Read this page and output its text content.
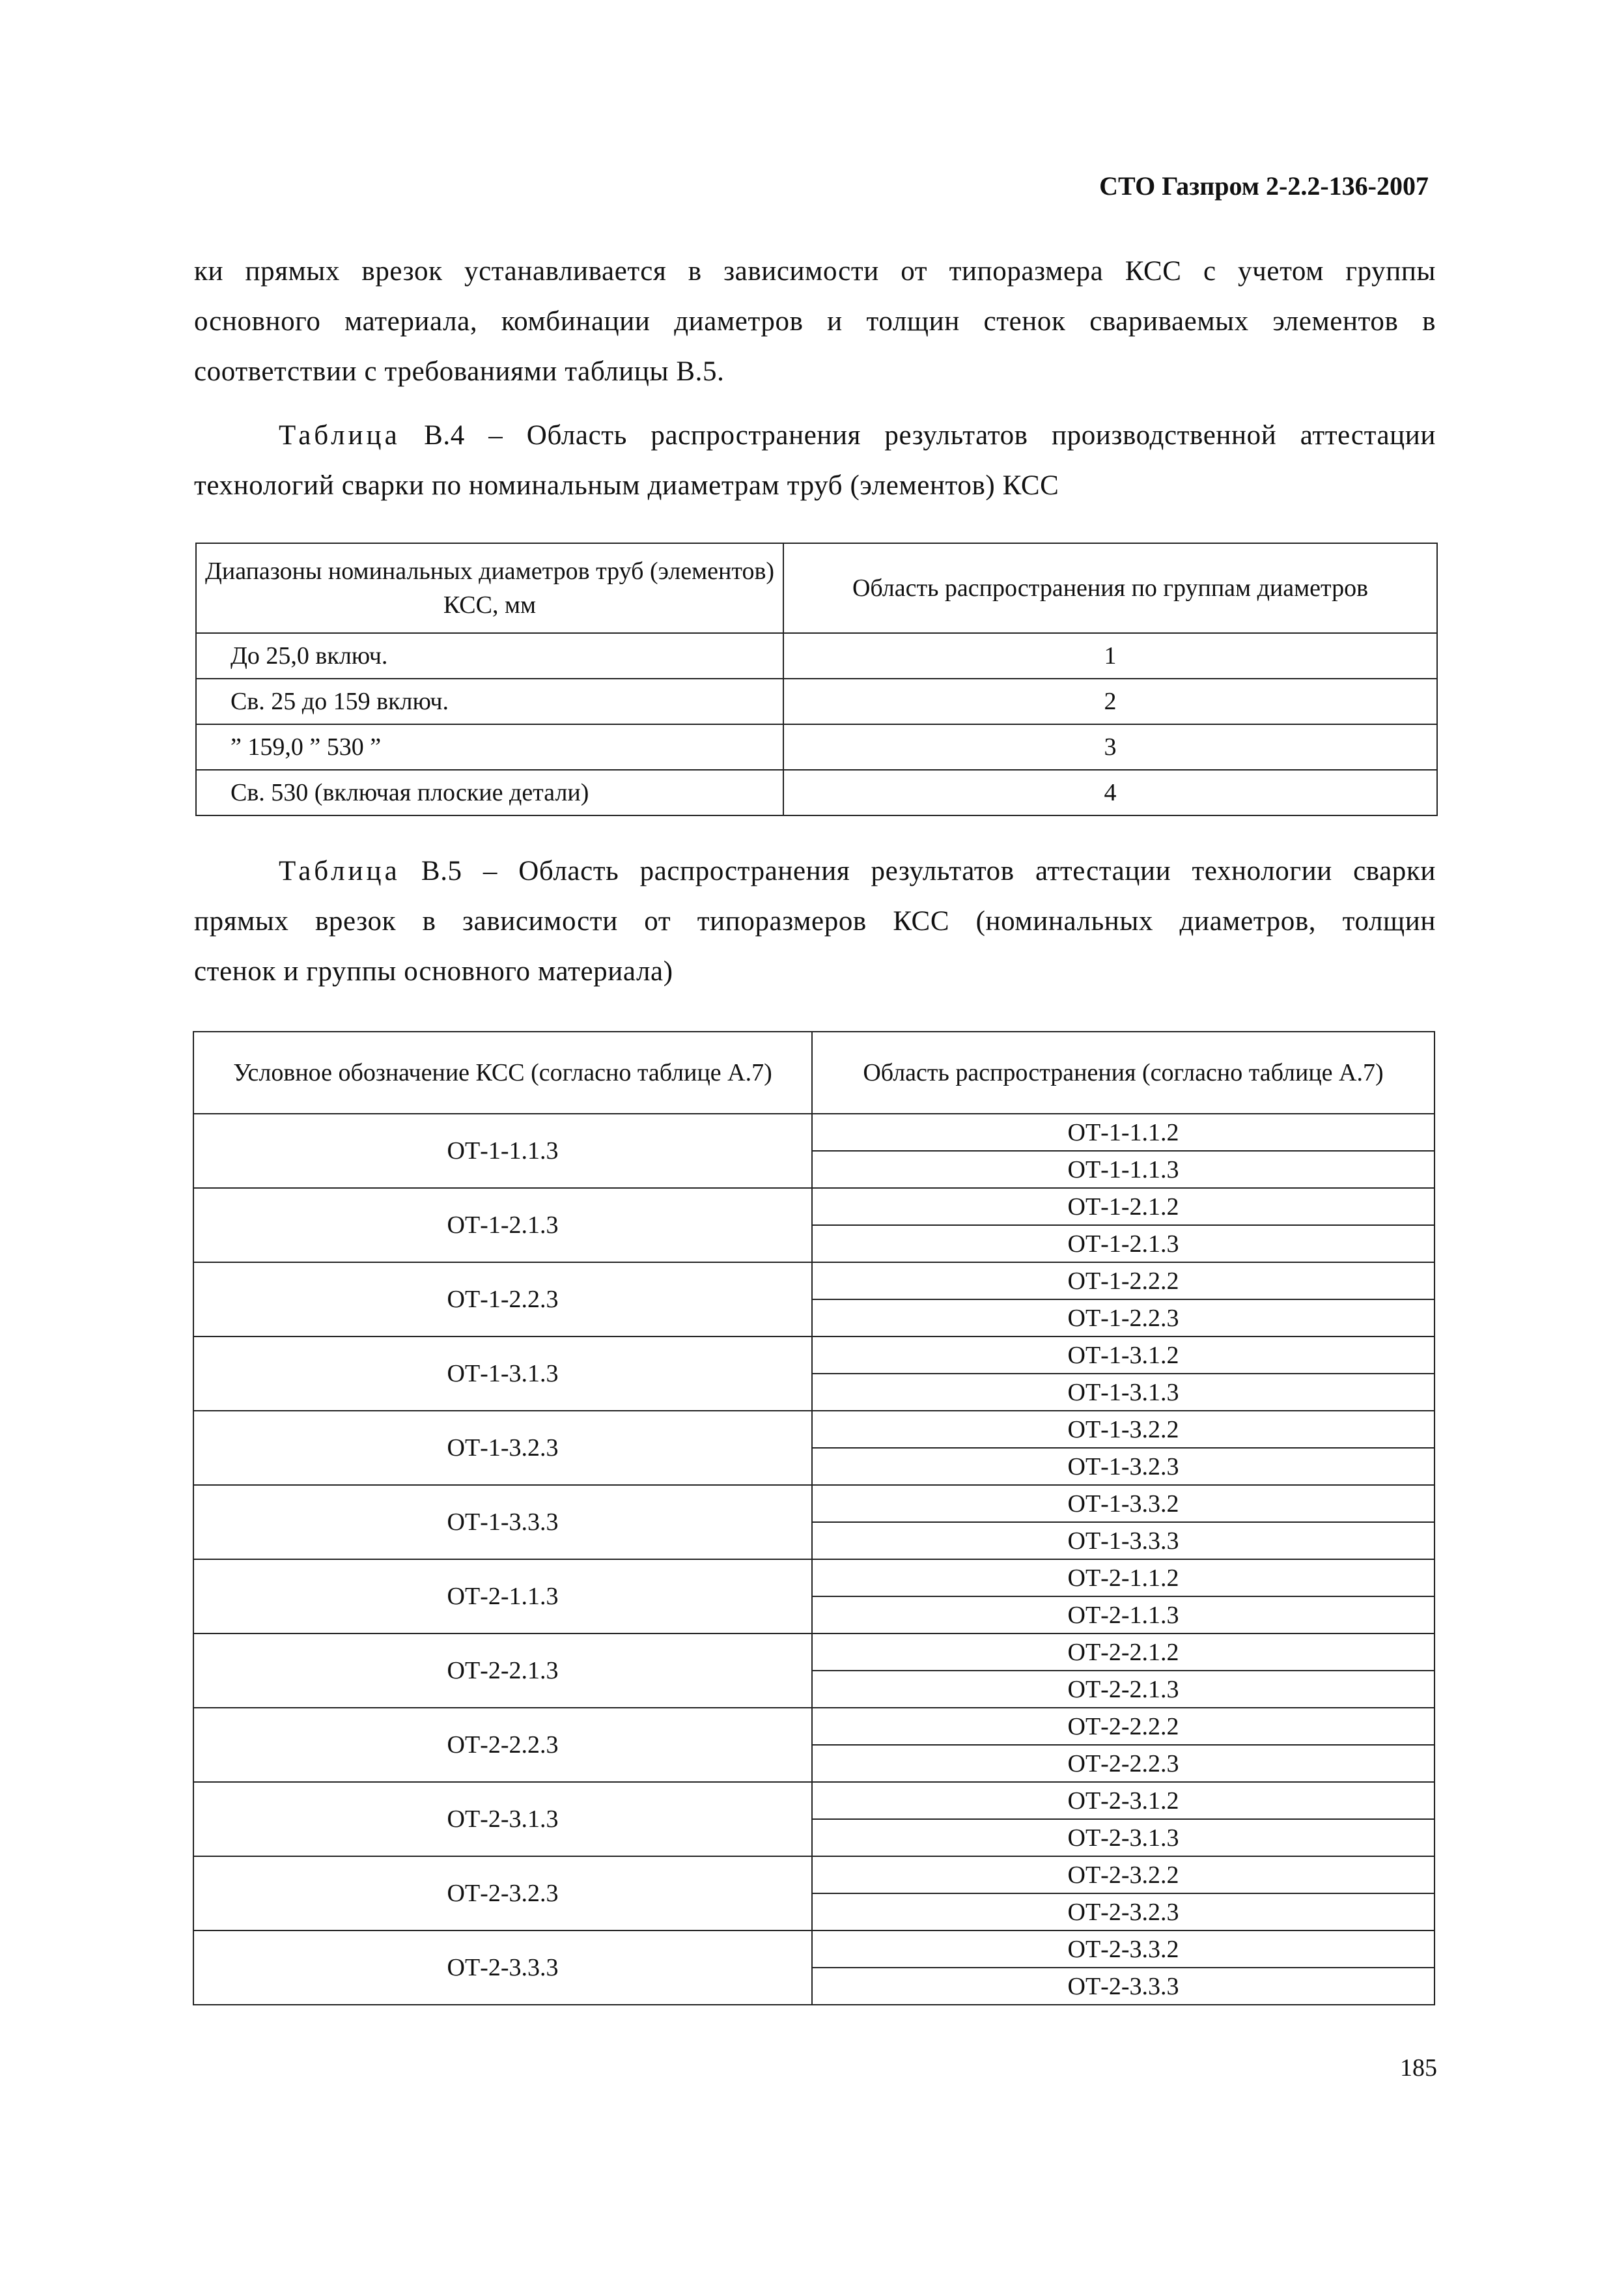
СТО Газпром 2-2.2-136-2007
ки прямых врезок устанавливается в зависимости от типоразмера КСС с учетом группы
основного материала, комбинации диаметров и толщин стенок свариваемых элементов в
соответствии с требованиями таблицы В.5.
Таблица В.4 – Область распространения результатов производственной аттестации
технологий сварки по номинальным диаметрам труб (элементов) КСС
Диапазоны номинальных диаметров труб (элементов) КСС, мм	Область распространения по группам диаметров
До 25,0 включ.	1
Св. 25 до 159 включ.	2
” 159,0 ” 530 ”	3
Св. 530 (включая плоские детали)	4
Таблица В.5 – Область распространения результатов аттестации технологии сварки
прямых врезок в зависимости от типоразмеров КСС (номинальных диаметров, толщин
стенок и группы основного материала)
Условное обозначение КСС (согласно таблице А.7)	Область распространения (согласно таблице А.7)
ОТ-1-1.1.3	ОТ-1-1.1.2
	ОТ-1-1.1.3
ОТ-1-2.1.3	ОТ-1-2.1.2
	ОТ-1-2.1.3
ОТ-1-2.2.3	ОТ-1-2.2.2
	ОТ-1-2.2.3
ОТ-1-3.1.3	ОТ-1-3.1.2
	ОТ-1-3.1.3
ОТ-1-3.2.3	ОТ-1-3.2.2
	ОТ-1-3.2.3
ОТ-1-3.3.3	ОТ-1-3.3.2
	ОТ-1-3.3.3
ОТ-2-1.1.3	ОТ-2-1.1.2
	ОТ-2-1.1.3
ОТ-2-2.1.3	ОТ-2-2.1.2
	ОТ-2-2.1.3
ОТ-2-2.2.3	ОТ-2-2.2.2
	ОТ-2-2.2.3
ОТ-2-3.1.3	ОТ-2-3.1.2
	ОТ-2-3.1.3
ОТ-2-3.2.3	ОТ-2-3.2.2
	ОТ-2-3.2.3
ОТ-2-3.3.3	ОТ-2-3.3.2
	ОТ-2-3.3.3
185
